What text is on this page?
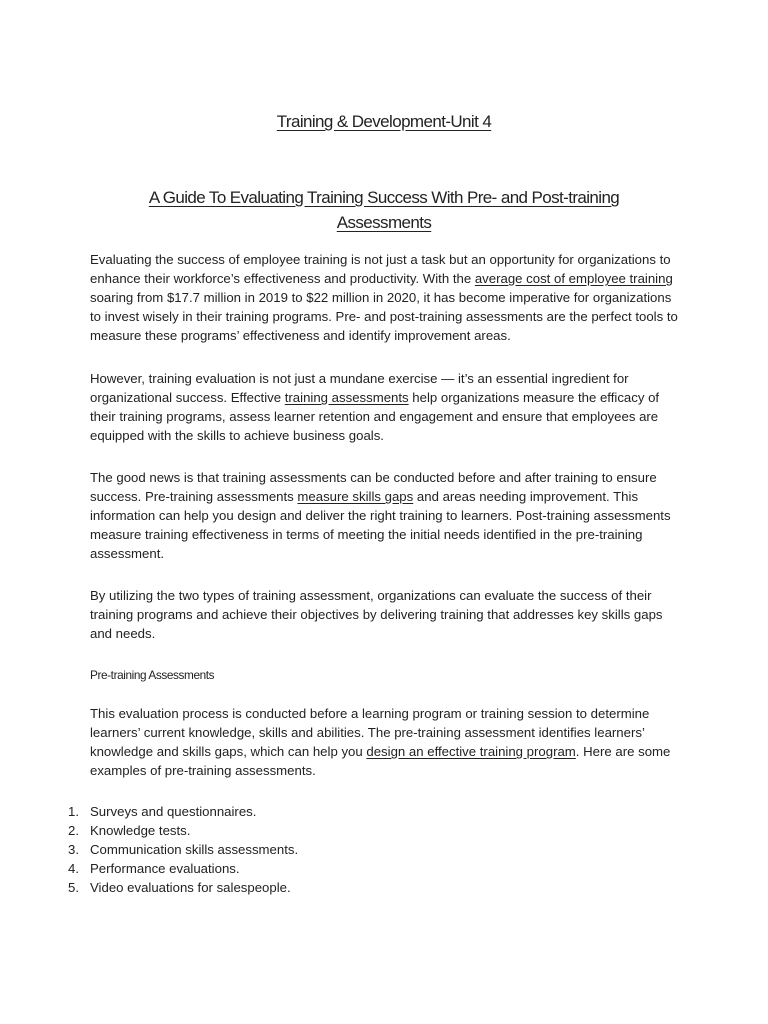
Training & Development-Unit 4
A Guide To Evaluating Training Success With Pre- and Post-training Assessments

Evaluating the success of employee training is not just a task but an opportunity for organizations to enhance their workforce’s effectiveness and productivity. With the average cost of employee training soaring from $17.7 million in 2019 to $22 million in 2020, it has become imperative for organizations to invest wisely in their training programs. Pre- and post-training assessments are the perfect tools to measure these programs’ effectiveness and identify improvement areas.

However, training evaluation is not just a mundane exercise — it’s an essential ingredient for organizational success. Effective training assessments help organizations measure the efficacy of their training programs, assess learner retention and engagement and ensure that employees are equipped with the skills to achieve business goals.

The good news is that training assessments can be conducted before and after training to ensure success. Pre-training assessments measure skills gaps and areas needing improvement. This information can help you design and deliver the right training to learners. Post-training assessments measure training effectiveness in terms of meeting the initial needs identified in the pre-training assessment.

By utilizing the two types of training assessment, organizations can evaluate the success of their training programs and achieve their objectives by delivering training that addresses key skills gaps and needs.

Pre-training Assessments

This evaluation process is conducted before a learning program or training session to determine learners’ current knowledge, skills and abilities. The pre-training assessment identifies learners’ knowledge and skills gaps, which can help you design an effective training program. Here are some examples of pre-training assessments.

1. Surveys and questionnaires.
2. Knowledge tests.
3. Communication skills assessments.
4. Performance evaluations.
5. Video evaluations for salespeople.
